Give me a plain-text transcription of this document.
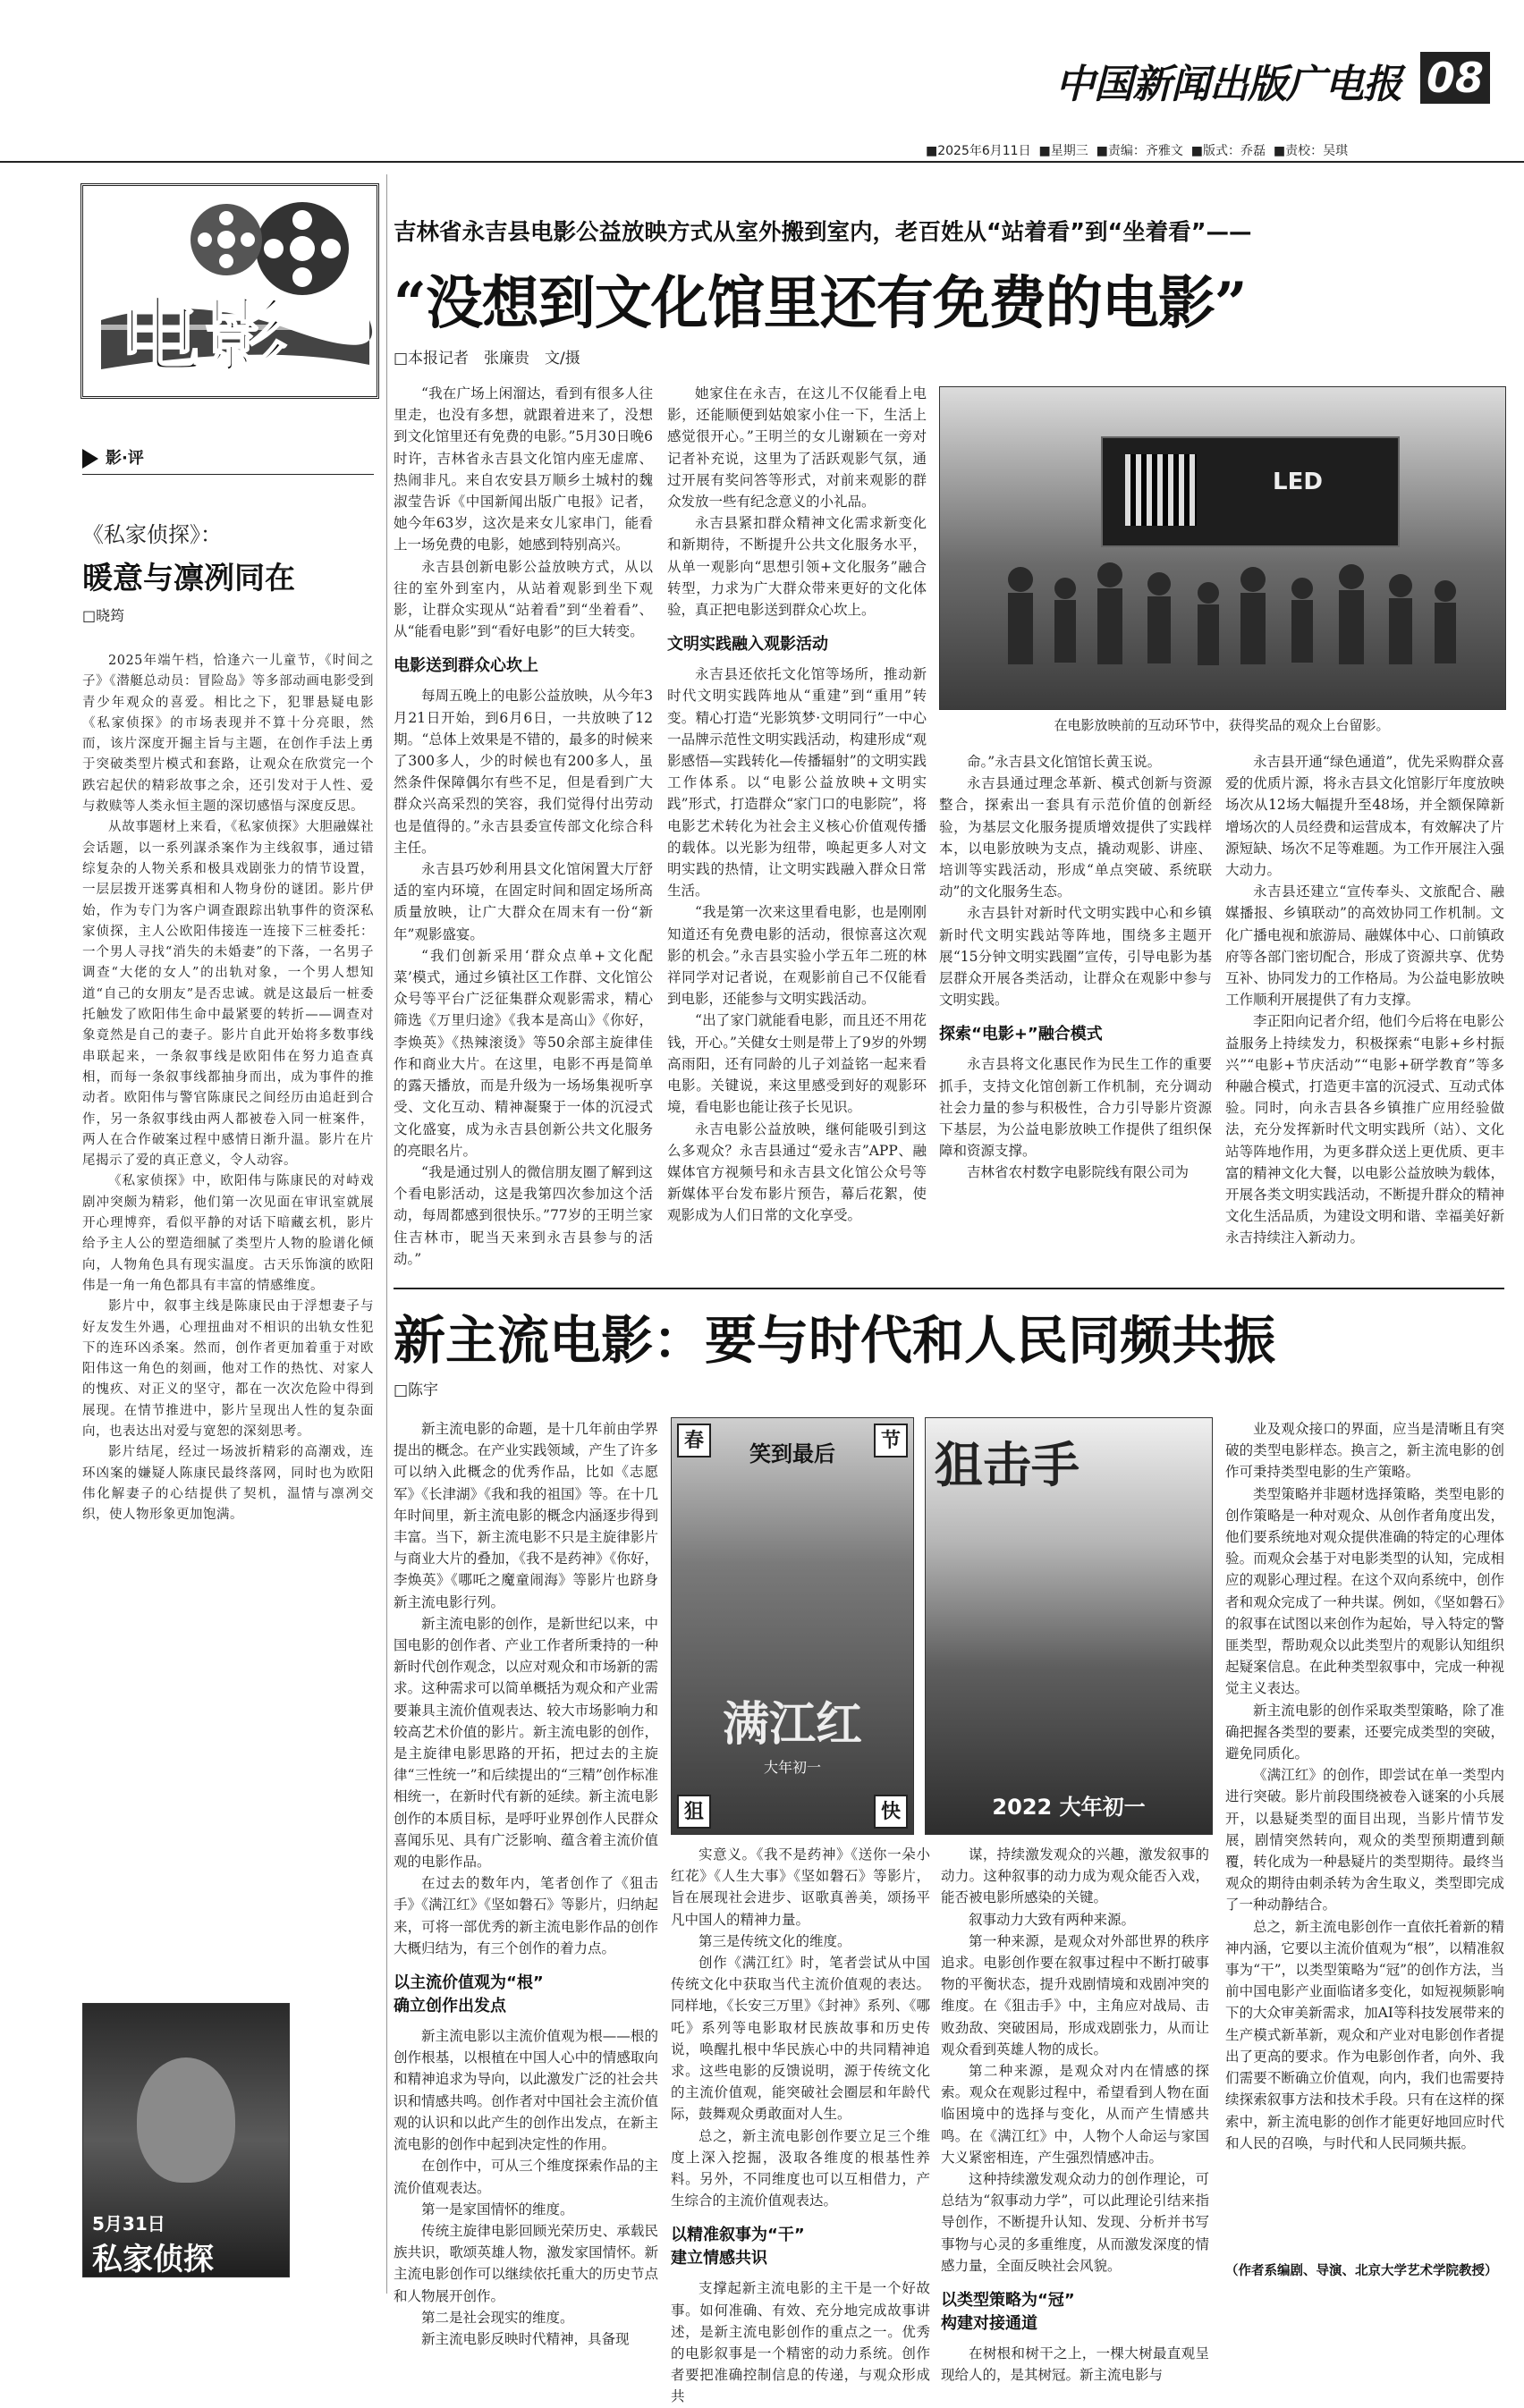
中国新闻出版广电报 08
■2025年6月11日  ■星期三  ■责编：齐雅文  ■版式：乔磊  ■责校：吴琪
电影
影·评
《私家侦探》：
暖意与凛冽同在
□晓筠

2025年端午档，恰逢六一儿童节，《时间之子》《潜艇总动员：冒险岛》等多部动画电影受到青少年观众的喜爱。相比之下，犯罪悬疑电影《私家侦探》的市场表现并不算十分亮眼，然而，该片深度开掘主旨与主题，在创作手法上勇于突破类型片模式和套路，让观众在欣赏完一个跌宕起伏的精彩故事之余，还引发对于人性、爱与救赎等人类永恒主题的深切感悟与深度反思。

从故事题材上来看，《私家侦探》大胆融媒社会话题，以一系列謀杀案作为主线叙事，通过错综复杂的人物关系和极具戏剧张力的情节设置，一层层拨开迷雾真相和人物身份的谜团。影片伊始，作为专门为客户调查跟踪出轨事件的资深私家侦探，主人公欧阳伟接连一连接下三桩委托：一个男人寻找“消失的未婚妻”的下落，一名男子调查“大佬的女人”的出轨对象，一个男人想知道“自己的女朋友”是否忠诚。就是这最后一桩委托触发了欧阳伟生命中最紧要的转折——调查对象竟然是自己的妻子。影片自此开始将多数事线串联起来，一条叙事线是欧阳伟在努力追查真相，而每一条叙事线都抽身而出，成为事件的推动者。欧阳伟与警官陈康民之间经历由追赶到合作，另一条叙事线由两人都被卷入同一桩案件，两人在合作破案过程中感情日渐升温。影片在片尾揭示了爱的真正意义，令人动容。

《私家侦探》中，欧阳伟与陈康民的对峙戏剧冲突颇为精彩，他们第一次见面在审讯室就展开心理博弈，看似平静的对话下暗藏玄机，影片给予主人公的塑造细腻了类型片人物的脸谱化倾向，人物角色具有现实温度。古天乐饰演的欧阳伟是一角一角色都具有丰富的情感维度。

影片中，叙事主线是陈康民由于浮想妻子与好友发生外遇，心理扭曲对不相识的出轨女性犯下的连环凶杀案。然而，创作者更加着重于对欧阳伟这一角色的刻画，他对工作的热忱、对家人的愧疚、对正义的坚守，都在一次次危险中得到展现。在情节推进中，影片呈现出人性的复杂面向，也表达出对爱与宽恕的深刻思考。

影片结尾，经过一场波折精彩的高潮戏，连环凶案的嫌疑人陈康民最终落网，同时也为欧阳伟化解妻子的心结提供了契机，温情与凛冽交织，使人物形象更加饱满。

5月31日
私家侦探
吉林省永吉县电影公益放映方式从室外搬到室内，老百姓从“站着看”到“坐着看”——
“没想到文化馆里还有免费的电影”
□本报记者　张廉贵　文/摄

“我在广场上闲溜达，看到有很多人往里走，也没有多想，就跟着进来了，没想到文化馆里还有免费的电影。”5月30日晚6时许，吉林省永吉县文化馆内座无虚席、热闹非凡。来自农安县万顺乡土城村的魏淑莹告诉《中国新闻出版广电报》记者，她今年63岁，这次是来女儿家串门，能看上一场免费的电影，她感到特别高兴。

永吉县创新电影公益放映方式，从以往的室外到室内，从站着观影到坐下观影，让群众实现从“站着看”到“坐着看”、从“能看电影”到“看好电影”的巨大转变。

电影送到群众心坎上

每周五晚上的电影公益放映，从今年3月21日开始，到6月6日，一共放映了12期。“总体上效果是不错的，最多的时候来了300多人，少的时候也有200多人，虽然条件保障偶尔有些不足，但是看到广大群众兴高采烈的笑容，我们觉得付出劳动也是值得的。”永吉县委宣传部文化综合科主任。

永吉县巧妙利用县文化馆闲置大厅舒适的室内环境，在固定时间和固定场所高质量放映，让广大群众在周末有一份“新年”观影盛宴。

“我们创新采用‘群众点单+文化配菜’模式，通过乡镇社区工作群、文化馆公众号等平台广泛征集群众观影需求，精心筛选《万里归途》《我本是高山》《你好，李焕英》《热辣滚烫》等50余部主旋律佳作和商业大片。在这里，电影不再是简单的露天播放，而是升级为一场场集视听享受、文化互动、精神凝聚于一体的沉浸式文化盛宴，成为永吉县创新公共文化服务的亮眼名片。

“我是通过别人的微信朋友圈了解到这个看电影活动，这是我第四次参加这个活动，每周都感到很快乐。”77岁的王明兰家住吉林市，昵当天来到永吉县参与的活动。”

她家住在永吉，在这儿不仅能看上电影，还能顺便到姑娘家小住一下，生活上感觉很开心。”王明兰的女儿谢颖在一旁对记者补充说，这里为了活跃观影气氛，通过开展有奖问答等形式，对前来观影的群众发放一些有纪念意义的小礼品。

永吉县紧扣群众精神文化需求新变化和新期待，不断提升公共文化服务水平，从单一观影向“思想引领+文化服务”融合转型，力求为广大群众带来更好的文化体验，真正把电影送到群众心坎上。

文明实践融入观影活动

永吉县还依托文化馆等场所，推动新时代文明实践阵地从“重建”到“重用”转变。精心打造“光影筑梦·文明同行”一中心一品牌示范性文明实践活动，构建形成“观影感悟—实践转化—传播辐射”的文明实践工作体系。以“电影公益放映+文明实践”形式，打造群众“家门口的电影院”，将电影艺术转化为社会主义核心价值观传播的载体。以光影为纽带，唤起更多人对文明实践的热情，让文明实践融入群众日常生活。

“我是第一次来这里看电影，也是刚刚知道还有免费电影的活动，很惊喜这次观影的机会。”永吉县实验小学五年二班的林祥同学对记者说，在观影前自己不仅能看到电影，还能参与文明实践活动。

“出了家门就能看电影，而且还不用花钱，开心。”关健女士则是带上了9岁的外甥高雨阳，还有同龄的儿子刘益铭一起来看电影。关键说，来这里感受到好的观影环境，看电影也能让孩子长见识。

永吉电影公益放映，继何能吸引到这么多观众？永吉县通过“爱永吉”APP、融媒体官方视频号和永吉县文化馆公众号等新媒体平台发布影片预告，幕后花絮，使观影成为人们日常的文化享受。

LED
在电影放映前的互动环节中，获得奖品的观众上台留影。

命。”永吉县文化馆馆长黄玉说。

永吉县通过理念革新、模式创新与资源整合，探索出一套具有示范价值的创新经验，为基层文化服务提质增效提供了实践样本，以电影放映为支点，撬动观影、讲座、培训等实践活动，形成“单点突破、系统联动”的文化服务生态。

永吉县针对新时代文明实践中心和乡镇新时代文明实践站等阵地，围绕多主题开展“15分钟文明实践圈”宣传，引导电影为基层群众开展各类活动，让群众在观影中参与文明实践。

探索“电影+”融合模式

永吉县将文化惠民作为民生工作的重要抓手，支持文化馆创新工作机制，充分调动社会力量的参与积极性，合力引导影片资源下基层，为公益电影放映工作提供了组织保障和资源支撑。

吉林省农村数字电影院线有限公司为

永吉县开通“绿色通道”，优先采购群众喜爱的优质片源，将永吉县文化馆影厅年度放映场次从12场大幅提升至48场，并全额保障新增场次的人员经费和运营成本，有效解决了片源短缺、场次不足等难题。为工作开展注入强大动力。

永吉县还建立“宣传奉头、文旅配合、融媒播报、乡镇联动”的高效协同工作机制。文化广播电视和旅游局、融媒体中心、口前镇政府等各部门密切配合，形成了资源共享、优势互补、协同发力的工作格局。为公益电影放映工作顺利开展提供了有力支撑。

李正阳向记者介绍，他们今后将在电影公益服务上持续发力，积极探索“电影+乡村振兴”“电影+节庆活动”“电影+研学教育”等多种融合模式，打造更丰富的沉浸式、互动式体验。同时，向永吉县各乡镇推广应用经验做法，充分发挥新时代文明实践所（站）、文化站等阵地作用，为更多群众送上更优质、更丰富的精神文化大餐，以电影公益放映为载体，开展各类文明实践活动，不断提升群众的精神文化生活品质，为建设文明和谐、幸福美好新永吉持续注入新动力。

新主流电影：要与时代和人民同频共振
□陈宇

新主流电影的命题，是十几年前由学界提出的概念。在产业实践领域，产生了许多可以纳入此概念的优秀作品，比如《志愿军》《长津湖》《我和我的祖国》等。在十几年时间里，新主流电影的概念内涵逐步得到丰富。当下，新主流电影不只是主旋律影片与商业大片的叠加，《我不是药神》《你好，李焕英》《哪吒之魔童闹海》等影片也跻身新主流电影行列。

新主流电影的创作，是新世纪以来，中国电影的创作者、产业工作者所秉持的一种新时代创作观念，以应对观众和市场新的需求。这种需求可以简单概括为观众和产业需要兼具主流价值观表达、较大市场影响力和较高艺术价值的影片。新主流电影的创作，是主旋律电影思路的开拓，把过去的主旋律“三性统一”和后续提出的“三精”创作标准相统一，在新时代有新的延续。新主流电影创作的本质目标，是呼吁业界创作人民群众喜闻乐见、具有广泛影响、蕴含着主流价值观的电影作品。

在过去的数年内，笔者创作了《狙击手》《满江红》《坚如磐石》等影片，归纳起来，可将一部优秀的新主流电影作品的创作大概归结为，有三个创作的着力点。

以主流价值观为“根”
确立创作出发点

新主流电影以主流价值观为根——根的创作根基，以根植在中国人心中的情感取向和精神追求为导向，以此激发广泛的社会共识和情感共鸣。创作者对中国社会主流价值观的认识和以此产生的创作出发点，在新主流电影的创作中起到决定性的作用。

在创作中，可从三个维度探索作品的主流价值观表达。

第一是家国情怀的维度。

传统主旋律电影回顾光荣历史、承载民族共识，歌颂英雄人物，激发家国情怀。新主流电影创作可以继续依托重大的历史节点和人物展开创作。

第二是社会现实的维度。

新主流电影反映时代精神，具备现

春	节
狙	快
笑到最后
满江红
大年初一
狙击手
2022 大年初一

实意义。《我不是药神》《送你一朵小红花》《人生大事》《坚如磐石》等影片，旨在展现社会进步、讴歌真善美，颂扬平凡中国人的精神力量。

第三是传统文化的维度。

创作《满江红》时，笔者尝试从中国传统文化中获取当代主流价值观的表达。同样地，《长安三万里》《封神》系列、《哪吒》系列等电影取材民族故事和历史传说，唤醒扎根中华民族心中的共同精神追求。这些电影的反馈说明，源于传统文化的主流价值观，能突破社会圈层和年龄代际，鼓舞观众勇敢面对人生。

总之，新主流电影创作要立足三个维度上深入挖掘，汲取各维度的根基性养料。另外，不同维度也可以互相借力，产生综合的主流价值观表达。

以精准叙事为“干”
建立情感共识

支撑起新主流电影的主干是一个好故事。如何准确、有效、充分地完成故事讲述，是新主流电影创作的重点之一。优秀的电影叙事是一个精密的动力系统。创作者要把准确控制信息的传递，与观众形成共

谋，持续激发观众的兴趣，激发叙事的动力。这种叙事的动力成为观众能否入戏，能否被电影所感染的关键。

叙事动力大致有两种来源。

第一种来源，是观众对外部世界的秩序追求。电影创作要在叙事过程中不断打破事物的平衡状态，提升戏剧情境和戏剧冲突的维度。在《狙击手》中，主角应对战局、击败劲敌、突破困局，形成戏剧张力，从而让观众看到英雄人物的成长。

第二种来源，是观众对内在情感的探索。观众在观影过程中，希望看到人物在面临困境中的选择与变化，从而产生情感共鸣。在《满江红》中，人物个人命运与家国大义紧密相连，产生强烈情感冲击。

这种持续激发观众动力的创作理论，可总结为“叙事动力学”，可以此理论引结来指导创作，不断提升认知、发现、分析并书写事物与心灵的多重维度，从而激发深度的情感力量，全面反映社会风貌。

以类型策略为“冠”
构建对接通道

在树根和树干之上，一棵大树最直观呈现给人的，是其树冠。新主流电影与

业及观众接口的界面，应当是清晰且有突破的类型电影样态。换言之，新主流电影的创作可秉持类型电影的生产策略。

类型策略并非题材选择策略，类型电影的创作策略是一种对观众、从创作者角度出发，他们要系统地对观众提供准确的特定的心理体验。而观众会基于对电影类型的认知，完成相应的观影心理过程。在这个双向系统中，创作者和观众完成了一种共谋。例如，《坚如磐石》的叙事在试图以来创作为起始，导入特定的警匪类型，帮助观众以此类型片的观影认知组织起疑案信息。在此种类型叙事中，完成一种视觉主义表达。

新主流电影的创作采取类型策略，除了准确把握各类型的要素，还要完成类型的突破，避免同质化。

《满江红》的创作，即尝试在单一类型内进行突破。影片前段围绕被卷入谜案的小兵展开，以悬疑类型的面目出现，当影片情节发展，剧情突然转向，观众的类型预期遭到颠覆，转化成为一种悬疑片的类型期待。最终当观众的期待由刺杀转为舍生取义，类型即完成了一种动静结合。

总之，新主流电影创作一直依托着新的精神内涵，它要以主流价值观为“根”，以精准叙事为“干”，以类型策略为“冠”的创作方法，当前中国电影产业面临诸多变化，如短视频影响下的大众审美新需求，加AI等科技发展带来的生产模式新革新，观众和产业对电影创作者提出了更高的要求。作为电影创作者，向外、我们需要不断确立价值观，向内，我们也需要持续探索叙事方法和技术手段。只有在这样的探索中，新主流电影的创作才能更好地回应时代和人民的召唤，与时代和人民同频共振。

（作者系编剧、导演、北京大学艺术学院教授）
